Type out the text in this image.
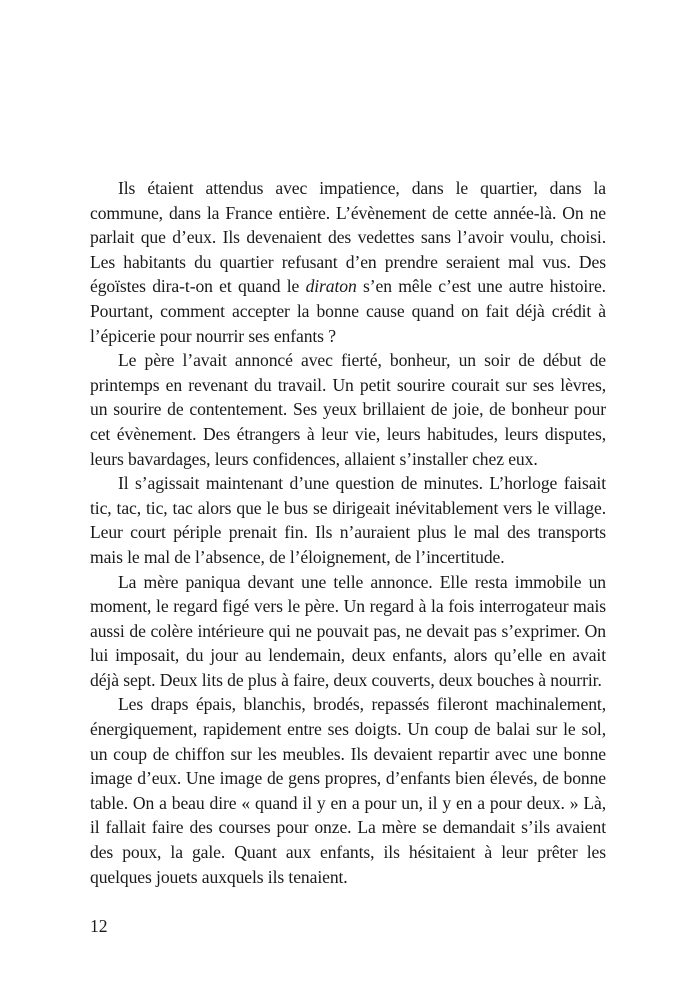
Ils étaient attendus avec impatience, dans le quartier, dans la commune, dans la France entière. L’évènement de cette année-là. On ne parlait que d’eux. Ils devenaient des vedettes sans l’avoir voulu, choisi. Les habitants du quartier refusant d’en prendre seraient mal vus. Des égoïstes dira-t-on et quand le diraton s’en mêle c’est une autre histoire. Pourtant, comment accepter la bonne cause quand on fait déjà crédit à l’épicerie pour nourrir ses enfants ?

Le père l’avait annoncé avec fierté, bonheur, un soir de début de printemps en revenant du travail. Un petit sourire courait sur ses lèvres, un sourire de contentement. Ses yeux brillaient de joie, de bonheur pour cet évènement. Des étrangers à leur vie, leurs habitudes, leurs disputes, leurs bavardages, leurs confidences, allaient s’installer chez eux.

Il s’agissait maintenant d’une question de minutes. L’horloge faisait tic, tac, tic, tac alors que le bus se dirigeait inévitablement vers le village. Leur court périple prenait fin. Ils n’auraient plus le mal des transports mais le mal de l’absence, de l’éloignement, de l’incertitude.

La mère paniqua devant une telle annonce. Elle resta immobile un moment, le regard figé vers le père. Un regard à la fois interrogateur mais aussi de colère intérieure qui ne pouvait pas, ne devait pas s’exprimer. On lui imposait, du jour au lendemain, deux enfants, alors qu’elle en avait déjà sept. Deux lits de plus à faire, deux couverts, deux bouches à nourrir.

Les draps épais, blanchis, brodés, repassés fileront machinalement, énergiquement, rapidement entre ses doigts. Un coup de balai sur le sol, un coup de chiffon sur les meubles. Ils devaient repartir avec une bonne image d’eux. Une image de gens propres, d’enfants bien élevés, de bonne table. On a beau dire « quand il y en a pour un, il y en a pour deux. » Là, il fallait faire des courses pour onze. La mère se demandait s’ils avaient des poux, la gale. Quant aux enfants, ils hésitaient à leur prêter les quelques jouets auxquels ils tenaient.

12
